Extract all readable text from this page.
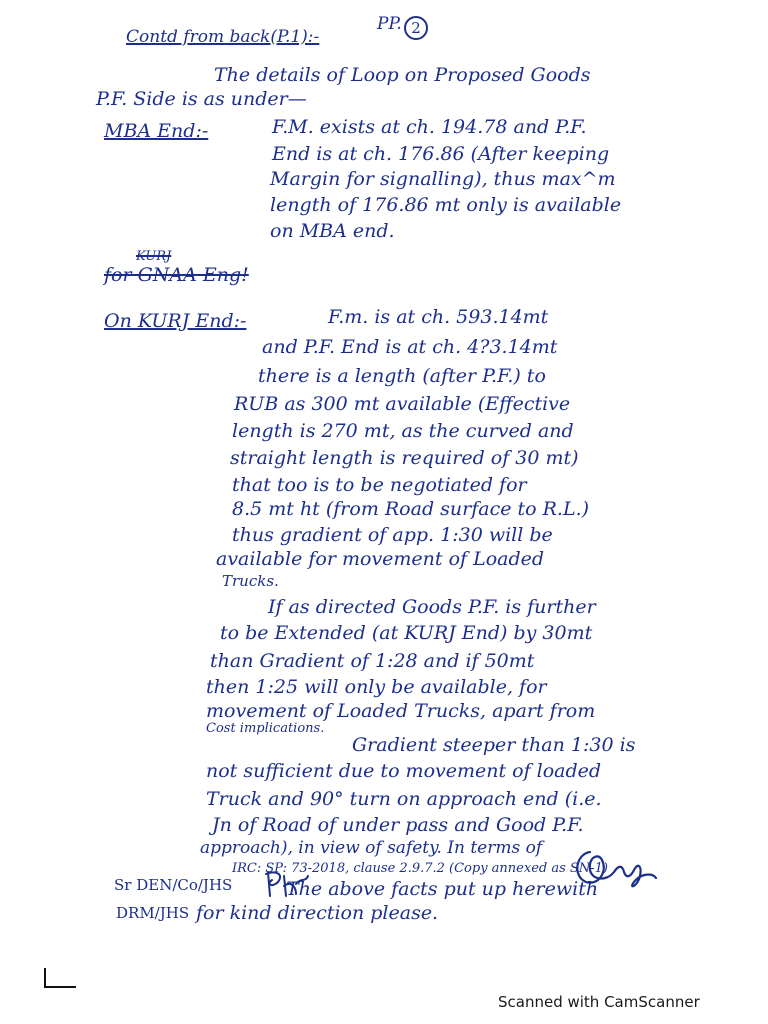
Contd from back(P.1):-
PP. 2
The details of Loop on Proposed Goods
P.F. Side is as under—
MBA End:-	F.M. exists at ch. 194.78 and P.F.
End is at ch. 176.86 (After keeping
Margin for signalling), thus max^m
length of 176.86 mt only is available
on MBA end.
KURJ
for GNAA Eng!
On KURJ End:-	F.m. is at ch. 593.14mt
and P.F. End is at ch. 4?3.14mt
there is a length (after P.F.) to
RUB as 300 mt available (Effective
length is 270 mt, as the curved and
straight length is required of 30 mt)
that too is to be negotiated for
8.5 mt ht (from Road surface to R.L.)
thus gradient of app. 1:30 will be
available for movement of Loaded
Trucks.
If as directed Goods P.F. is further
to be Extended (at KURJ End) by 30mt
than Gradient of 1:28 and if 50mt
then 1:25 will only be available, for
movement of Loaded Trucks, apart from
Cost implications.
Gradient steeper than 1:30 is
not sufficient due to movement of loaded
Truck and 90° turn on approach end (i.e.
Jn of Road of under pass and Good P.F.
approach), in view of safety. In terms of
IRC: SP: 73-2018, clause 2.9.7.2 (Copy annexed as SN-1)
The above facts put up herewith
for kind direction please.
Sr DEN/Co/JHS
DRM/JHS
Scanned with CamScanner
